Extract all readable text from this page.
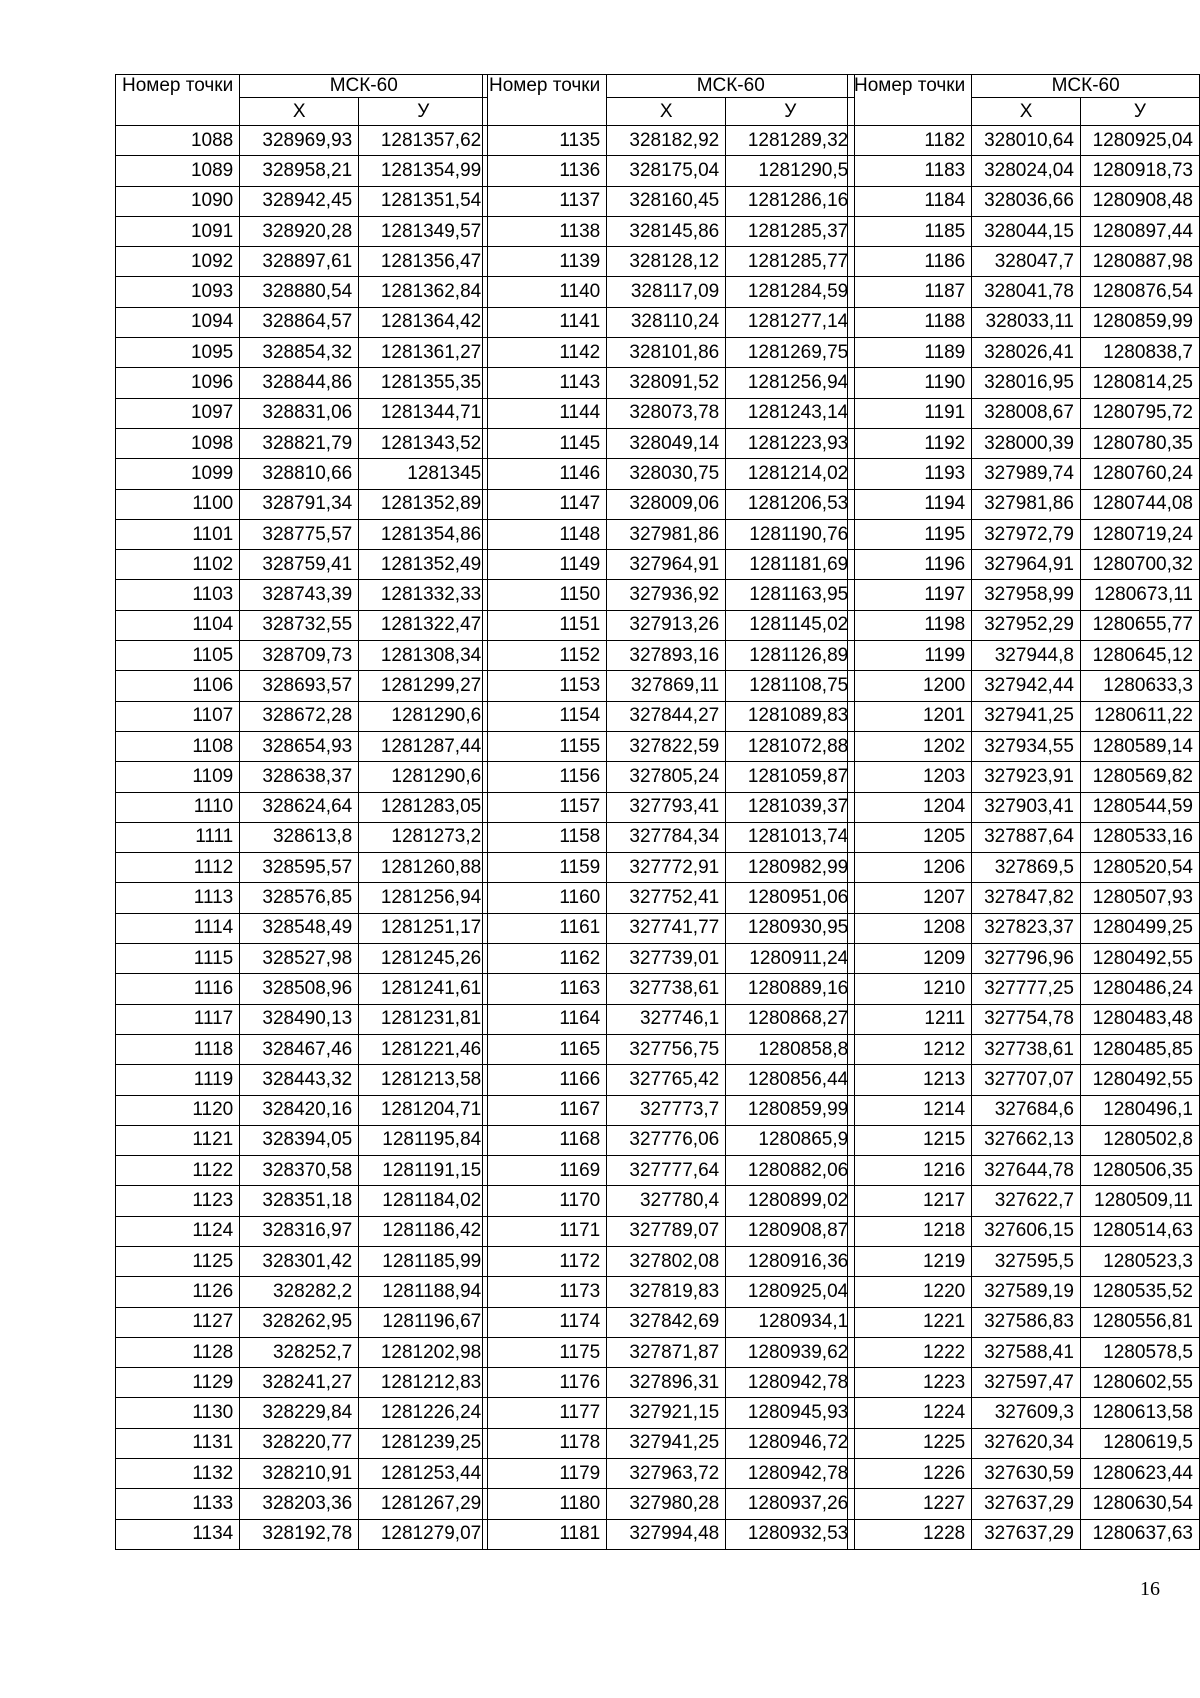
Номер точки	МСК-60	
	Х	У
1088	328969,93	1281357,62
1089	328958,21	1281354,99
1090	328942,45	1281351,54
1091	328920,28	1281349,57
1092	328897,61	1281356,47
1093	328880,54	1281362,84
1094	328864,57	1281364,42
1095	328854,32	1281361,27
1096	328844,86	1281355,35
1097	328831,06	1281344,71
1098	328821,79	1281343,52
1099	328810,66	1281345
1100	328791,34	1281352,89
1101	328775,57	1281354,86
1102	328759,41	1281352,49
1103	328743,39	1281332,33
1104	328732,55	1281322,47
1105	328709,73	1281308,34
1106	328693,57	1281299,27
1107	328672,28	1281290,6
1108	328654,93	1281287,44
1109	328638,37	1281290,6
1110	328624,64	1281283,05
1111	328613,8	1281273,2
1112	328595,57	1281260,88
1113	328576,85	1281256,94
1114	328548,49	1281251,17
1115	328527,98	1281245,26
1116	328508,96	1281241,61
1117	328490,13	1281231,81
1118	328467,46	1281221,46
1119	328443,32	1281213,58
1120	328420,16	1281204,71
1121	328394,05	1281195,84
1122	328370,58	1281191,15
1123	328351,18	1281184,02
1124	328316,97	1281186,42
1125	328301,42	1281185,99
1126	328282,2	1281188,94
1127	328262,95	1281196,67
1128	328252,7	1281202,98
1129	328241,27	1281212,83
1130	328229,84	1281226,24
1131	328220,77	1281239,25
1132	328210,91	1281253,44
1133	328203,36	1281267,29
1134	328192,78	1281279,07
Номер точки	МСК-60	
	Х	У
1135	328182,92	1281289,32
1136	328175,04	1281290,5
1137	328160,45	1281286,16
1138	328145,86	1281285,37
1139	328128,12	1281285,77
1140	328117,09	1281284,59
1141	328110,24	1281277,14
1142	328101,86	1281269,75
1143	328091,52	1281256,94
1144	328073,78	1281243,14
1145	328049,14	1281223,93
1146	328030,75	1281214,02
1147	328009,06	1281206,53
1148	327981,86	1281190,76
1149	327964,91	1281181,69
1150	327936,92	1281163,95
1151	327913,26	1281145,02
1152	327893,16	1281126,89
1153	327869,11	1281108,75
1154	327844,27	1281089,83
1155	327822,59	1281072,88
1156	327805,24	1281059,87
1157	327793,41	1281039,37
1158	327784,34	1281013,74
1159	327772,91	1280982,99
1160	327752,41	1280951,06
1161	327741,77	1280930,95
1162	327739,01	1280911,24
1163	327738,61	1280889,16
1164	327746,1	1280868,27
1165	327756,75	1280858,8
1166	327765,42	1280856,44
1167	327773,7	1280859,99
1168	327776,06	1280865,9
1169	327777,64	1280882,06
1170	327780,4	1280899,02
1171	327789,07	1280908,87
1172	327802,08	1280916,36
1173	327819,83	1280925,04
1174	327842,69	1280934,1
1175	327871,87	1280939,62
1176	327896,31	1280942,78
1177	327921,15	1280945,93
1178	327941,25	1280946,72
1179	327963,72	1280942,78
1180	327980,28	1280937,26
1181	327994,48	1280932,53
Номер точки	МСК-60	
	Х	У
1182	328010,64	1280925,04
1183	328024,04	1280918,73
1184	328036,66	1280908,48
1185	328044,15	1280897,44
1186	328047,7	1280887,98
1187	328041,78	1280876,54
1188	328033,11	1280859,99
1189	328026,41	1280838,7
1190	328016,95	1280814,25
1191	328008,67	1280795,72
1192	328000,39	1280780,35
1193	327989,74	1280760,24
1194	327981,86	1280744,08
1195	327972,79	1280719,24
1196	327964,91	1280700,32
1197	327958,99	1280673,11
1198	327952,29	1280655,77
1199	327944,8	1280645,12
1200	327942,44	1280633,3
1201	327941,25	1280611,22
1202	327934,55	1280589,14
1203	327923,91	1280569,82
1204	327903,41	1280544,59
1205	327887,64	1280533,16
1206	327869,5	1280520,54
1207	327847,82	1280507,93
1208	327823,37	1280499,25
1209	327796,96	1280492,55
1210	327777,25	1280486,24
1211	327754,78	1280483,48
1212	327738,61	1280485,85
1213	327707,07	1280492,55
1214	327684,6	1280496,1
1215	327662,13	1280502,8
1216	327644,78	1280506,35
1217	327622,7	1280509,11
1218	327606,15	1280514,63
1219	327595,5	1280523,3
1220	327589,19	1280535,52
1221	327586,83	1280556,81
1222	327588,41	1280578,5
1223	327597,47	1280602,55
1224	327609,3	1280613,58
1225	327620,34	1280619,5
1226	327630,59	1280623,44
1227	327637,29	1280630,54
1228	327637,29	1280637,63
16
